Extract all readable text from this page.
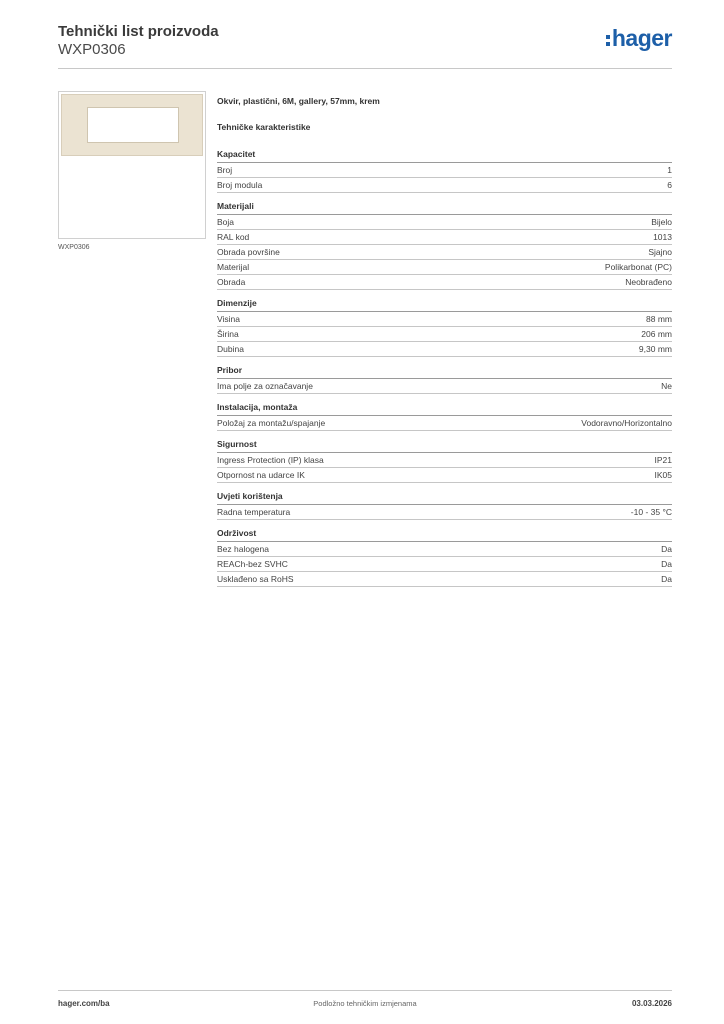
Tehnički list proizvoda
WXP0306	hager
WXP0306
Okvir, plastični, 6M, gallery, 57mm, krem
Tehničke karakteristike
Kapacitet
Broj	1
Broj modula	6
Materijali
Boja	Bijelo
RAL kod	1013
Obrada površine	Sjajno
Materijal	Polikarbonat (PC)
Obrada	Neobrađeno
Dimenzije
Visina	88 mm
Širina	206 mm
Dubina	9,30 mm
Pribor
Ima polje za označavanje	Ne
Instalacija, montaža
Položaj za montažu/spajanje	Vodoravno/Horizontalno
Sigurnost
Ingress Protection (IP) klasa	IP21
Otpornost na udarce IK	IK05
Uvjeti korištenja
Radna temperatura	-10 - 35 °C
Održivost
Bez halogena	Da
REACh-bez SVHC	Da
Usklađeno sa RoHS	Da
hager.com/ba	Podložno tehničkim izmjenama	03.03.2026
